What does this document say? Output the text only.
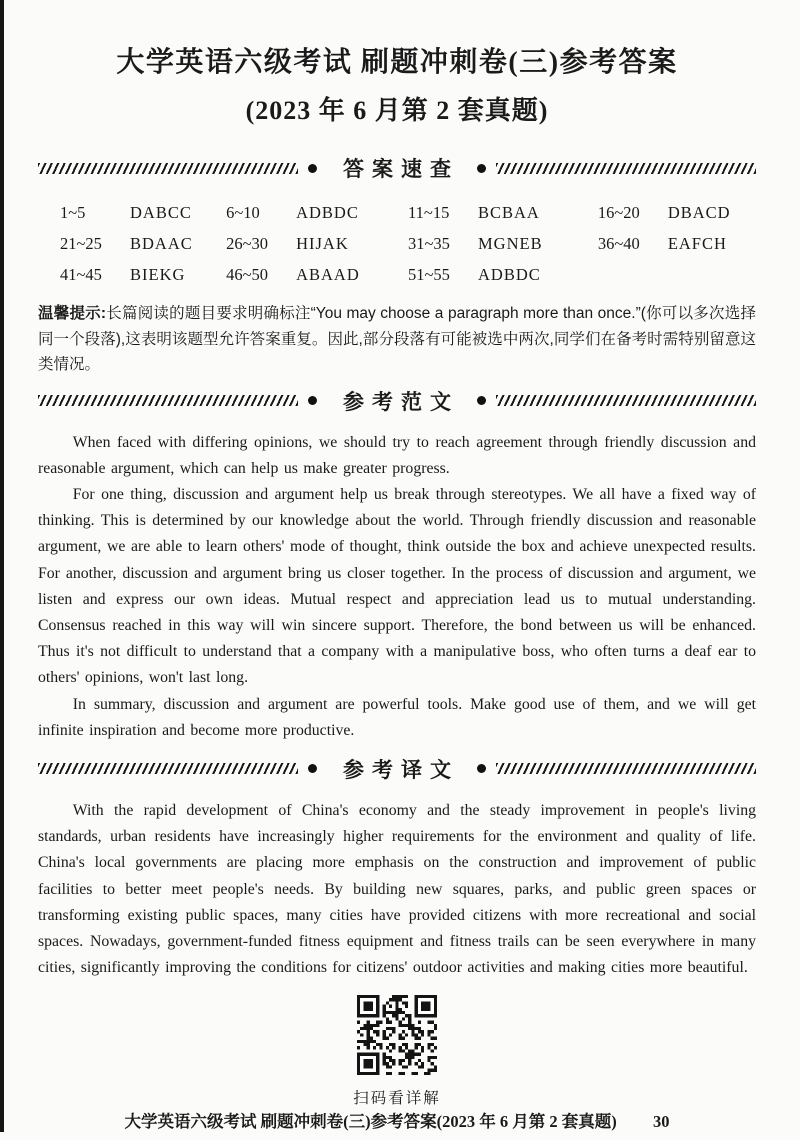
大学英语六级考试 刷题冲刺卷(三)参考答案
(2023 年 6 月第 2 套真题)
答案速查
1~5	DABCC 6~10	ADBDC	11~15	BCBAA	16~20	DBACD
21~25	BDAAC 26~30	HIJAK	31~35	MGNEB	36~40	EAFCH
41~45	BIEKG 46~50	ABAAD	51~55	ADBDC

温馨提示:长篇阅读的题目要求明确标注“You may choose a paragraph more than once.”(你可以多次选择同一个段落),这表明该题型允许答案重复。因此,部分段落有可能被选中两次,同学们在备考时需特别留意这类情况。

参考范文

When faced with differing opinions, we should try to reach agreement through friendly discussion and reasonable argument, which can help us make greater progress.

For one thing, discussion and argument help us break through stereotypes. We all have a fixed way of thinking. This is determined by our knowledge about the world. Through friendly discussion and reasonable argument, we are able to learn others' mode of thought, think outside the box and achieve unexpected results. For another, discussion and argument bring us closer together. In the process of discussion and argument, we listen and express our own ideas. Mutual respect and appreciation lead us to mutual understanding. Consensus reached in this way will win sincere support. Therefore, the bond between us will be enhanced. Thus it's not difficult to understand that a company with a manipulative boss, who often turns a deaf ear to others' opinions, won't last long.

In summary, discussion and argument are powerful tools. Make good use of them, and we will get infinite inspiration and become more productive.

参考译文

With the rapid development of China's economy and the steady improvement in people's living standards, urban residents have increasingly higher requirements for the environment and quality of life. China's local governments are placing more emphasis on the construction and improvement of public facilities to better meet people's needs. By building new squares, parks, and public green spaces or transforming existing public spaces, many cities have provided citizens with more recreational and social spaces. Nowadays, government-funded fitness equipment and fitness trails can be seen everywhere in many cities, significantly improving the conditions for citizens' outdoor activities and making cities more beautiful.

扫码看详解
大学英语六级考试 刷题冲刺卷(三)参考答案(2023 年 6 月第 2 套真题) 30
